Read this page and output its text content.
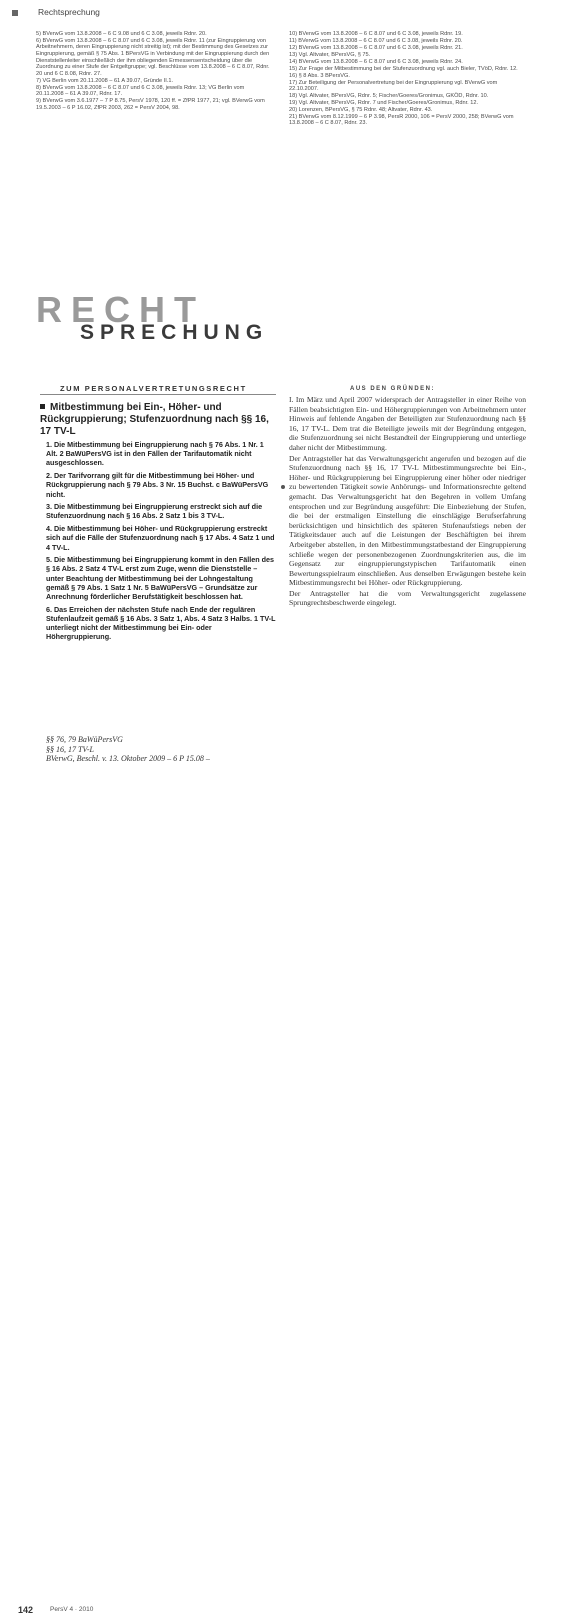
Rechtsprechung

5) BVerwG vom 13.8.2008 – 6 C 9.08 und 6 C 3.08, jeweils Rdnr. 20.

6) BVerwG vom 13.8.2008 – 6 C 8.07 und 6 C 3.08, jeweils Rdnr. 11 (zur Eingruppierung von Arbeitnehmern, deren Eingruppierung nicht streitig ist); mit der Bestimmung des Gesetzes zur Eingruppierung, gemäß § 75 Abs. 1 BPersVG in Verbindung mit der Eingruppierung durch den Dienststellenleiter einschließlich der ihm obliegenden Ermessensentscheidung über die Zuordnung zu einer Stufe der Entgeltgruppe; vgl. Beschlüsse vom 13.8.2008 – 6 C 8.07, Rdnr. 20 und 6 C 8.08, Rdnr. 27.

7) VG Berlin vom 20.11.2008 – 61 A 39.07, Gründe II.1.

8) BVerwG vom 13.8.2008 – 6 C 8.07 und 6 C 3.08, jeweils Rdnr. 13; VG Berlin vom 20.11.2008 – 61 A 39.07, Rdnr. 17.

9) BVerwG vom 3.6.1977 – 7 P 8.75, PersV 1978, 120 ff. = ZfPR 1977, 21; vgl. BVerwG vom 19.5.2003 – 6 P 16.02, ZfPR 2003, 262 = PersV 2004, 98.

10) BVerwG vom 13.8.2008 – 6 C 8.07 und 6 C 3.08, jeweils Rdnr. 19.

11) BVerwG vom 13.8.2008 – 6 C 8.07 und 6 C 3.08, jeweils Rdnr. 20.

12) BVerwG vom 13.8.2008 – 6 C 8.07 und 6 C 3.08, jeweils Rdnr. 21.

13) Vgl. Altvater, BPersVG, § 75.

14) BVerwG vom 13.8.2008 – 6 C 8.07 und 6 C 3.08, jeweils Rdnr. 24.

15) Zur Frage der Mitbestimmung bei der Stufenzuordnung vgl. auch Bieler, TVöD, Rdnr. 12.

16) § 8 Abs. 3 BPersVG.

17) Zur Beteiligung der Personalvertretung bei der Eingruppierung vgl. BVerwG vom 22.10.2007.

18) Vgl. Altvater, BPersVG, Rdnr. 5; Fischer/Goeres/Gronimus, GKÖD, Rdnr. 10.

19) Vgl. Altvater, BPersVG, Rdnr. 7 und Fischer/Goeres/Gronimus, Rdnr. 12.

20) Lorenzen, BPersVG, § 75 Rdnr. 48; Altvater, Rdnr. 43.

21) BVerwG vom 8.12.1999 – 6 P 3.98, PersR 2000, 106 = PersV 2000, 258; BVerwG vom 13.8.2008 – 6 C 8.07, Rdnr. 23.

RECHT
SPRECHUNG
ZUM PERSONALVERTRETUNGSRECHT
Mitbestimmung bei Ein-, Höher- und Rückgruppierung; Stufenzuordnung nach §§ 16, 17 TV-L

1. Die Mitbestimmung bei Eingruppierung nach § 76 Abs. 1 Nr. 1 Alt. 2 BaWüPersVG ist in den Fällen der Tarifautomatik nicht ausgeschlossen.

2. Der Tarifvorrang gilt für die Mitbestimmung bei Höher- und Rückgruppierung nach § 79 Abs. 3 Nr. 15 Buchst. c BaWüPersVG nicht.

3. Die Mitbestimmung bei Eingruppierung erstreckt sich auf die Stufenzuordnung nach § 16 Abs. 2 Satz 1 bis 3 TV-L.

4. Die Mitbestimmung bei Höher- und Rückgruppierung erstreckt sich auf die Fälle der Stufenzuordnung nach § 17 Abs. 4 Satz 1 und 4 TV-L.

5. Die Mitbestimmung bei Eingruppierung kommt in den Fällen des § 16 Abs. 2 Satz 4 TV-L erst zum Zuge, wenn die Dienststelle – unter Beachtung der Mitbestimmung bei der Lohngestaltung gemäß § 79 Abs. 1 Satz 1 Nr. 5 BaWüPersVG – Grundsätze zur Anrechnung förderlicher Berufstätigkeit beschlossen hat.

6. Das Erreichen der nächsten Stufe nach Ende der regulären Stufenlaufzeit gemäß § 16 Abs. 3 Satz 1, Abs. 4 Satz 3 Halbs. 1 TV-L unterliegt nicht der Mitbestimmung bei Ein- oder Höhergruppierung.

§§ 76, 79 BaWüPersVG

§§ 16, 17 TV-L

BVerwG, Beschl. v. 13. Oktober 2009 – 6 P 15.08 –

AUS DEN GRÜNDEN:

I. Im März und April 2007 widersprach der Antragsteller in einer Reihe von Fällen beabsichtigten Ein- und Höhergruppierungen von Arbeitnehmern unter Hinweis auf fehlende Angaben der Beteiligten zur Stufenzuordnung nach §§ 16, 17 TV-L. Dem trat die Beteiligte jeweils mit der Begründung entgegen, die Stufenzuordnung sei nicht Bestandteil der Eingruppierung und unterliege daher nicht der Mitbestimmung.

Der Antragsteller hat das Verwaltungsgericht angerufen und bezogen auf die Stufenzuordnung nach §§ 16, 17 TV-L Mitbestimmungsrechte bei Ein-, Höher- und Rückgruppierung bei Eingruppierung einer höher oder niedriger zu bewertenden Tätigkeit sowie Anhörungs- und Informationsrechte geltend gemacht. Das Verwaltungsgericht hat den Begehren in vollem Umfang entsprochen und zur Begründung ausgeführt: Die Einbeziehung der Stufen, die bei der erstmaligen Einstellung die einschlägige Berufserfahrung berücksichtigen und hinsichtlich des späteren Stufenaufstiegs neben der Tätigkeitsdauer auch auf die Leistungen der Beschäftigten bei ihrem Arbeitgeber abstellen, in den Mitbestimmungstatbestand der Eingruppierung schließe wegen der personenbezogenen Zuordnungskriterien aus, die im Gegensatz zur eingruppierungstypischen Tarifautomatik einen Bewertungsspielraum einschließen. Aus denselben Erwägungen bestehe kein Mitbestimmungsrecht bei Höher- oder Rückgruppierung.

Der Antragsteller hat die vom Verwaltungsgericht zugelassene Sprungrechtsbeschwerde eingelegt.

142	PersV 4 · 2010
